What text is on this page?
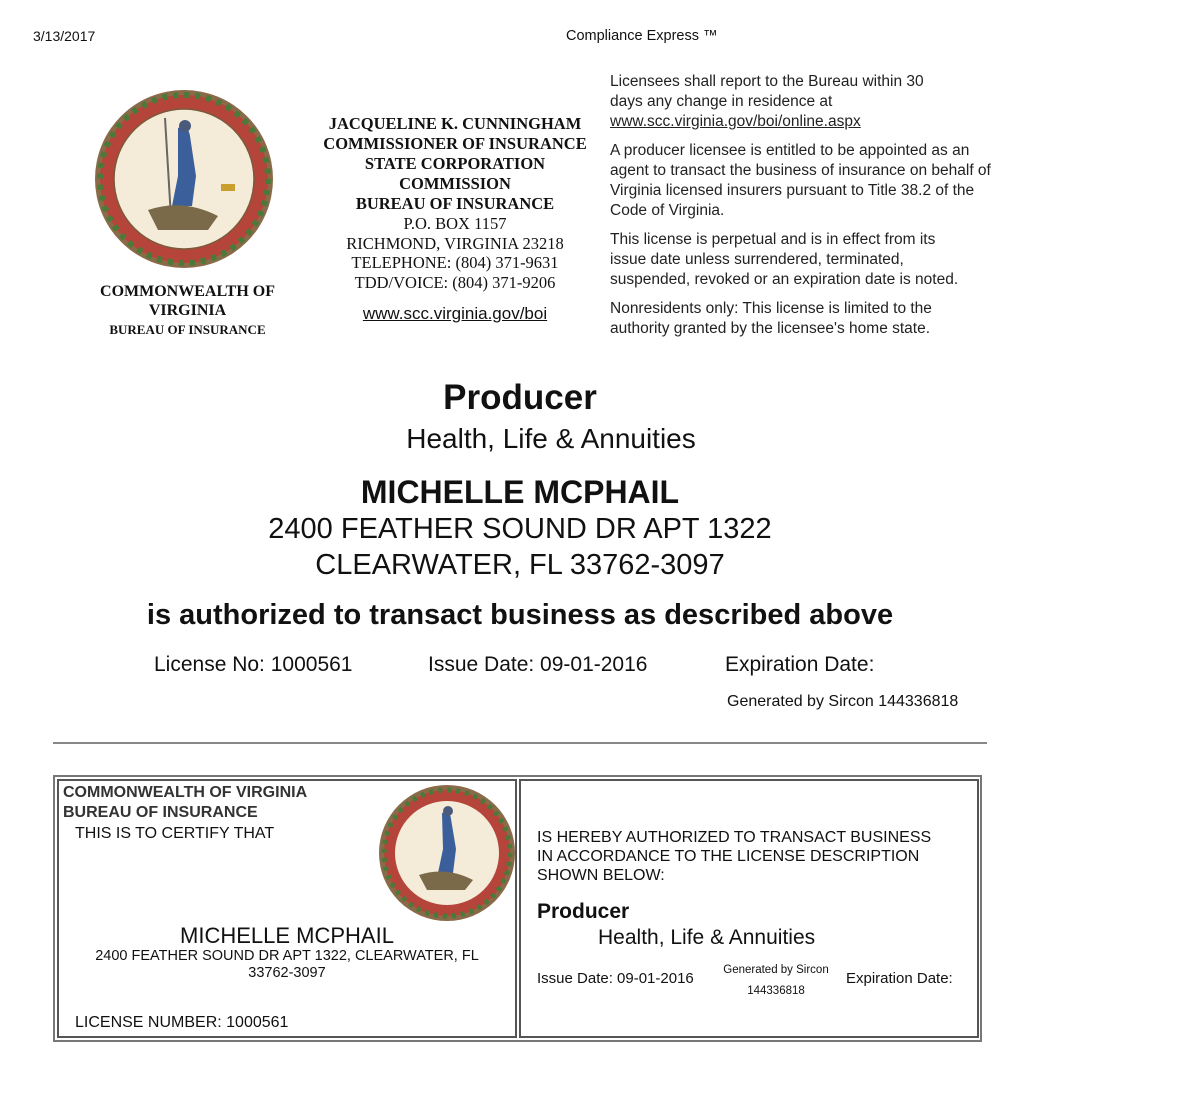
3/13/2017	Compliance Express ™
COMMONWEALTH OF
VIRGINIA
BUREAU OF INSURANCE
JACQUELINE K. CUNNINGHAM
COMMISSIONER OF INSURANCE
STATE CORPORATION
COMMISSION
BUREAU OF INSURANCE
P.O. BOX 1157
RICHMOND, VIRGINIA 23218
TELEPHONE: (804) 371-9631
TDD/VOICE: (804) 371-9206
www.scc.virginia.gov/boi

Licensees shall report to the Bureau within 30 days any change in residence at
www.scc.virginia.gov/boi/online.aspx

A producer licensee is entitled to be appointed as an agent to transact the business of insurance on behalf of Virginia licensed insurers pursuant to Title 38.2 of the Code of Virginia.

This license is perpetual and is in effect from its issue date unless surrendered, terminated, suspended, revoked or an expiration date is noted.

Nonresidents only: This license is limited to the authority granted by the licensee's home state.

Producer
Health, Life & Annuities
MICHELLE MCPHAIL
2400 FEATHER SOUND DR APT 1322
CLEARWATER, FL 33762-3097
is authorized to transact business as described above
License No: 1000561	Issue Date: 09-01-2016	Expiration Date:
Generated by Sircon 144336818
COMMONWEALTH OF VIRGINIA
BUREAU OF INSURANCE
THIS IS TO CERTIFY THAT
MICHELLE MCPHAIL
2400 FEATHER SOUND DR APT 1322, CLEARWATER, FL
33762-3097
LICENSE NUMBER: 1000561
IS HEREBY AUTHORIZED TO TRANSACT BUSINESS
IN ACCORDANCE TO THE LICENSE DESCRIPTION
SHOWN BELOW:
Producer
Health, Life & Annuities
Issue Date: 09-01-2016	Generated by Sircon
144336818
Expiration Date:
